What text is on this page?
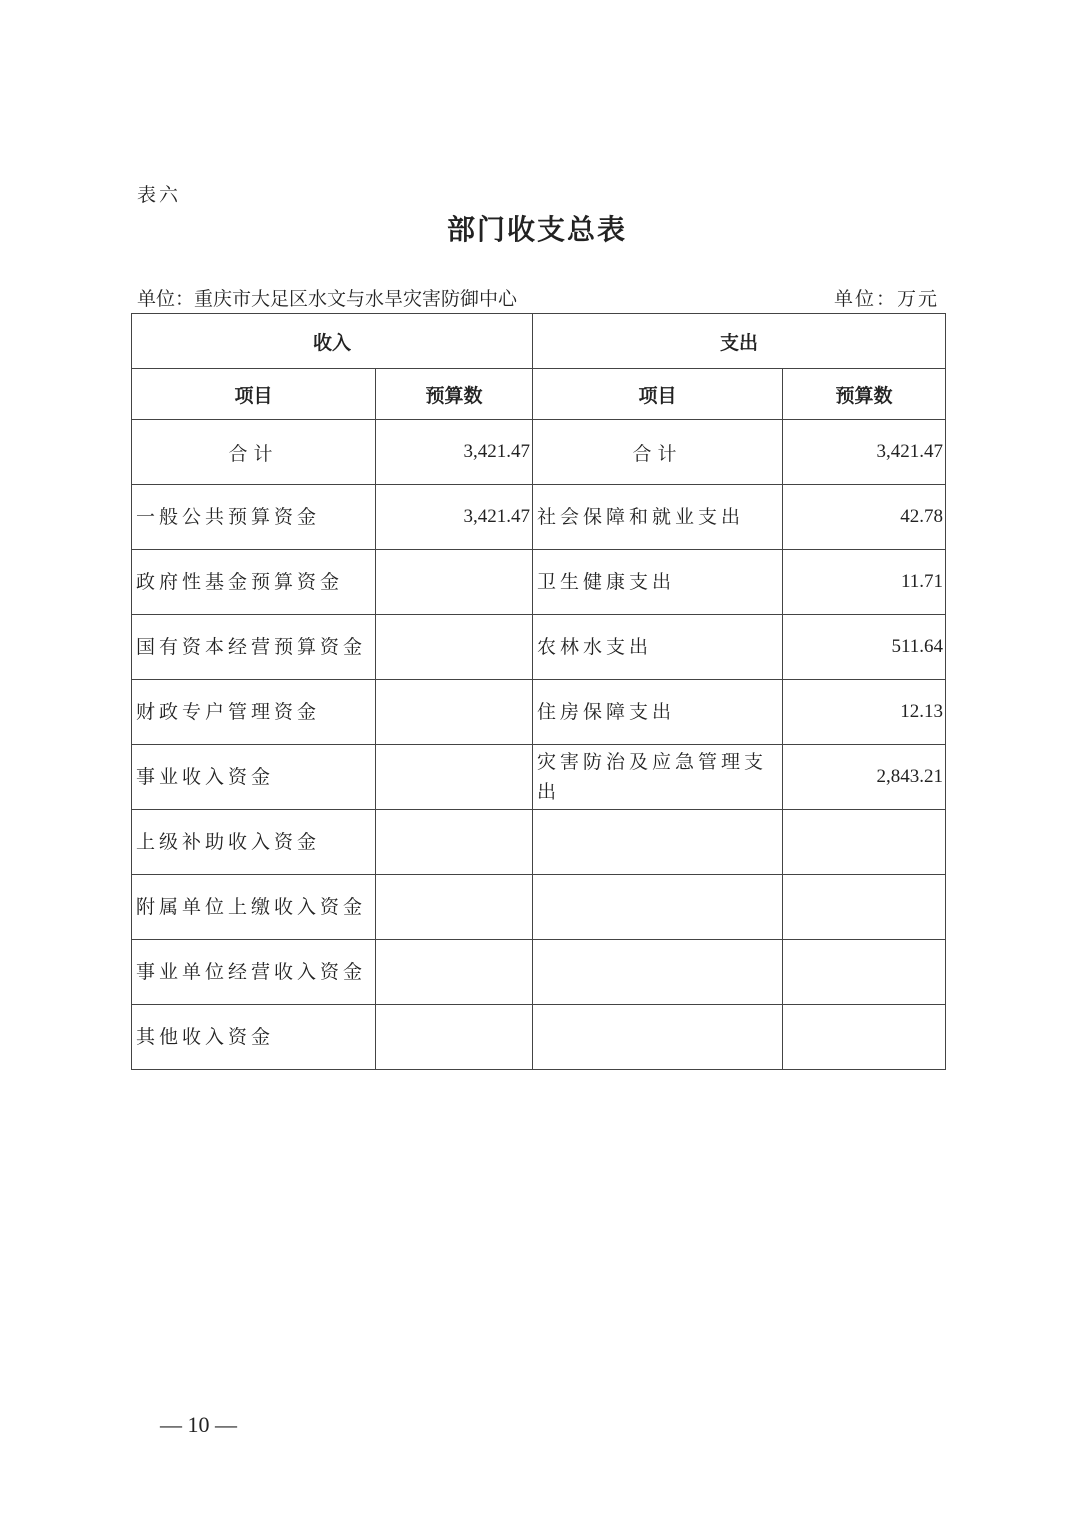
表六
部门收支总表
单位：重庆市大足区水文与水旱灾害防御中心	单位：万元
收入		支出	
项目	预算数	项目	预算数
合计	3,421.47	合计	3,421.47
一般公共预算资金	3,421.47	社会保障和就业支出	42.78
政府性基金预算资金		卫生健康支出	11.71
国有资本经营预算资金		农林水支出	511.64
财政专户管理资金		住房保障支出	12.13
事业收入资金		灾害防治及应急管理支出	2,843.21
上级补助收入资金			
附属单位上缴收入资金			
事业单位经营收入资金			
其他收入资金			
— 10 —
